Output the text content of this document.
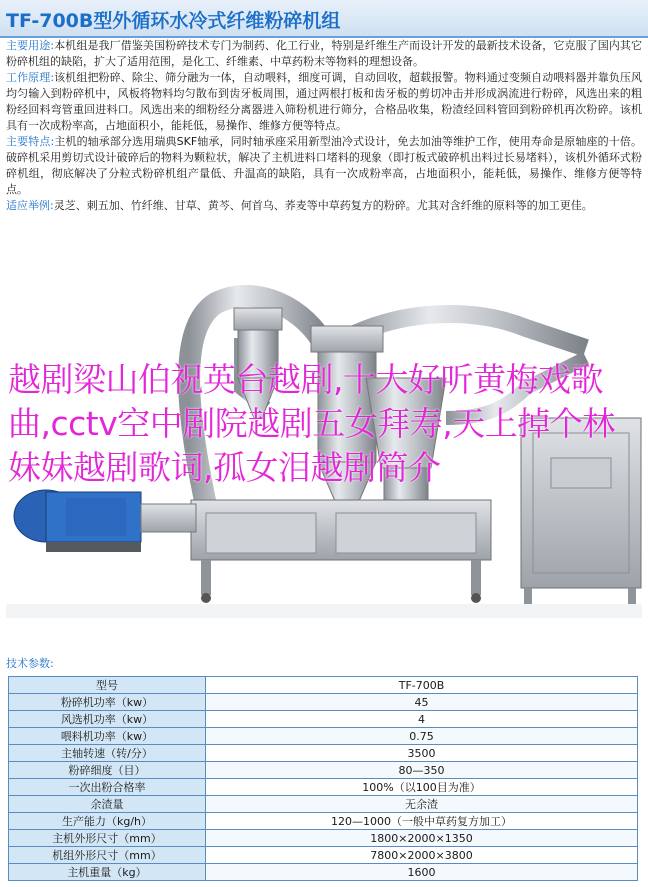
TF-700B型外循环水冷式纤维粉碎机组

主要用途:本机组是我厂借鉴美国粉碎技术专门为制药、化工行业，特别是纤维生产而设计开发的最新技术设备，它克服了国内其它粉碎机组的缺陷，扩大了适用范围，是化工、纤维素、中草药粉末等物料的理想设备。

工作原理:该机组把粉碎、除尘、筛分融为一体，自动喂料，细度可调，自动回收，超载报警。物料通过变频自动喂料器并靠负压风均匀输入到粉碎机中，风板将物料均匀散布到齿牙板周围，通过两根打板和齿牙板的剪切冲击并形成涡流进行粉碎，风选出来的粗粉经回料弯管重回进料口。风选出来的细粉经分离器进入筛粉机进行筛分，合格品收集，粉渣经回料管回到粉碎机再次粉碎。该机具有一次成粉率高，占地面积小，能耗低，易操作、维修方便等特点。

主要特点:主机的轴承部分选用瑞典SKF轴承，同时轴承座采用新型油冷式设计，免去加油等维护工作，使用寿命是原轴座的十倍。破碎机采用剪切式设计破碎后的物料为颗粒状，解决了主机进料口堵料的现象（即打板式破碎机出料过长易堵料），该机外循环式粉碎机组，彻底解决了分粒式粉碎机组产量低、升温高的缺陷，具有一次成粉率高，占地面积小，能耗低，易操作、维修方便等特点。

适应举例:灵芝、刺五加、竹纤维、甘草、黄芩、何首乌、荞麦等中草药复方的粉碎。尤其对含纤维的原料等的加工更佳。

越剧梁山伯祝英台越剧,十大好听黄梅戏歌曲,cctv空中剧院越剧五女拜寿,天上掉个林妹妹越剧歌词,孤女泪越剧简介
技术参数:
型号	TF-700B
粉碎机功率（kw）	45
风选机功率（kw）	4
喂料机功率（kw）	0.75
主轴转速（转/分）	3500
粉碎细度（目）	80—350
一次出粉合格率	100%（以100目为准）
余渣量	无余渣
生产能力（kg/h）	120—1000（一般中草药复方加工）
主机外形尺寸（mm）	1800×2000×1350
机组外形尺寸（mm）	7800×2000×3800
主机重量（kg）	1600
